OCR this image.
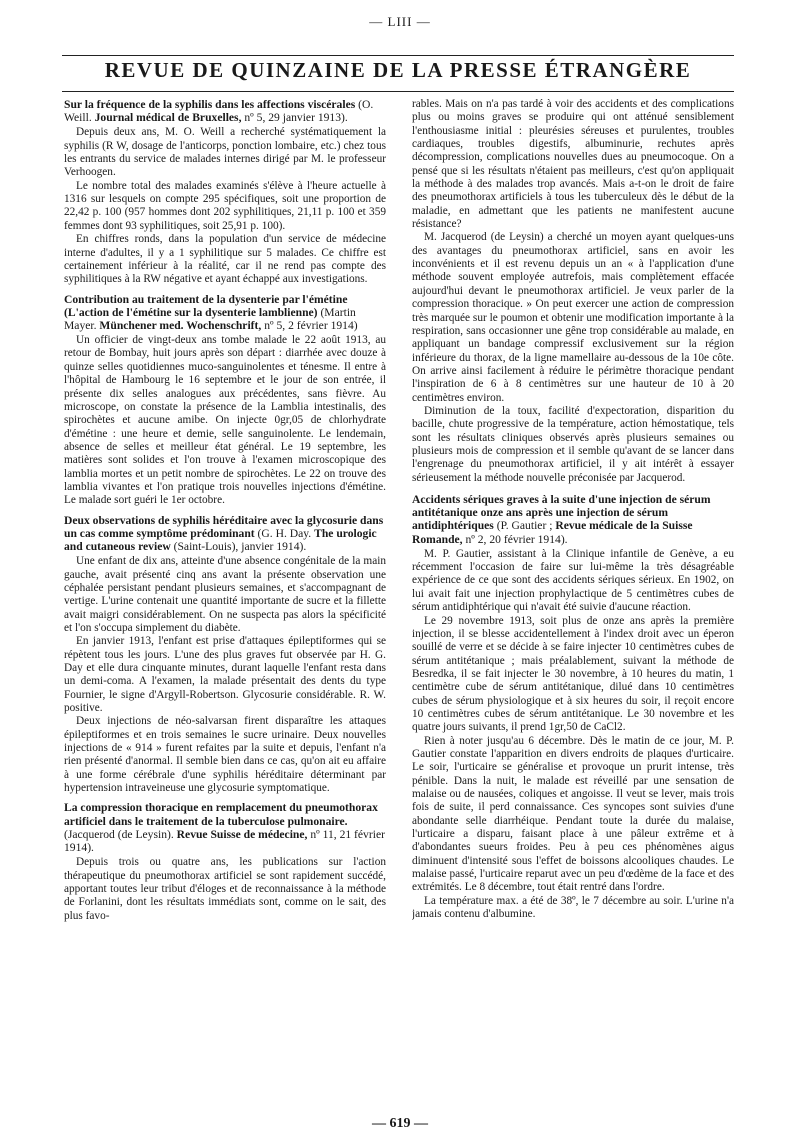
— LIII —
REVUE DE QUINZAINE DE LA PRESSE ÉTRANGÈRE
Sur la fréquence de la syphilis dans les affections viscérales (O. Weill. Journal médical de Bruxelles, nº 5, 29 janvier 1913).

Depuis deux ans, M. O. Weill a recherché systématiquement la syphilis (R W, dosage de l'anticorps, ponction lombaire, etc.) chez tous les entrants du service de malades internes dirigé par M. le professeur Verhoogen.

Le nombre total des malades examinés s'élève à l'heure actuelle à 1316 sur lesquels on compte 295 spécifiques, soit une proportion de 22,42 p. 100 (957 hommes dont 202 syphilitiques, 21,11 p. 100 et 359 femmes dont 93 syphilitiques, soit 25,91 p. 100).

En chiffres ronds, dans la population d'un service de médecine interne d'adultes, il y a 1 syphilitique sur 5 malades. Ce chiffre est certainement inférieur à la réalité, car il ne rend pas compte des syphilitiques à la RW négative et ayant échappé aux investigations.

Contribution au traitement de la dysenterie par l'émétine (L'action de l'émétine sur la dysenterie lamblienne) (Martin Mayer. Münchener med. Wochenschrift, nº 5, 2 février 1914)

Un officier de vingt-deux ans tombe malade le 22 août 1913, au retour de Bombay, huit jours après son départ : diarrhée avec douze à quinze selles quotidiennes muco-sanguinolentes et ténesme. Il entre à l'hôpital de Hambourg le 16 septembre et le jour de son entrée, il présente dix selles analogues aux précédentes, sans fièvre. Au microscope, on constate la présence de la Lamblia intestinalis, des spirochètes et aucune amibe. On injecte 0gr,05 de chlorhydrate d'émétine : une heure et demie, selle sanguinolente. Le lendemain, absence de selles et meilleur état général. Le 19 septembre, les matières sont solides et l'on trouve à l'examen microscopique des lamblia mortes et un petit nombre de spirochètes. Le 22 on trouve des lamblia vivantes et l'on pratique trois nouvelles injections d'émétine. Le malade sort guéri le 1er octobre.

Deux observations de syphilis héréditaire avec la glycosurie dans un cas comme symptôme prédominant (G. H. Day. The urologic and cutaneous review (Saint-Louis), janvier 1914).

Une enfant de dix ans, atteinte d'une absence congénitale de la main gauche, avait présenté cinq ans avant la présente observation une céphalée persistant pendant plusieurs semaines, et s'accompagnant de vertige. L'urine contenait une quantité importante de sucre et la fillette avait maigri considérablement. On ne suspecta pas alors la spécificité et l'on s'occupa simplement du diabète.

En janvier 1913, l'enfant est prise d'attaques épileptiformes qui se répètent tous les jours. L'une des plus graves fut observée par H. G. Day et elle dura cinquante minutes, durant laquelle l'enfant resta dans un demi-coma. A l'examen, la malade présentait des dents du type Fournier, le signe d'Argyll-Robertson. Glycosurie considérable. R. W. positive.

Deux injections de néo-salvarsan firent disparaître les attaques épileptiformes et en trois semaines le sucre urinaire. Deux nouvelles injections de « 914 » furent refaites par la suite et depuis, l'enfant n'a rien présenté d'anormal. Il semble bien dans ce cas, qu'on ait eu affaire à une forme cérébrale d'une syphilis héréditaire déterminant par hypertension intraveineuse une glycosurie symptomatique.

La compression thoracique en remplacement du pneumothorax artificiel dans le traitement de la tuberculose pulmonaire. (Jacquerod (de Leysin). Revue Suisse de médecine, nº 11, 21 février 1914).

Depuis trois ou quatre ans, les publications sur l'action thérapeutique du pneumothorax artificiel se sont rapidement succédé, apportant toutes leur tribut d'éloges et de reconnaissance à la méthode de Forlanini, dont les résultats immédiats sont, comme on le sait, des plus favo-

rables. Mais on n'a pas tardé à voir des accidents et des complications plus ou moins graves se produire qui ont atténué sensiblement l'enthousiasme initial : pleurésies séreuses et purulentes, troubles cardiaques, troubles digestifs, albuminurie, rechutes après décompression, complications nouvelles dues au pneumocoque. On a pensé que si les résultats n'étaient pas meilleurs, c'est qu'on appliquait la méthode à des malades trop avancés. Mais a-t-on le droit de faire des pneumothorax artificiels à tous les tuberculeux dès le début de la maladie, en admettant que les patients ne manifestent aucune résistance?

M. Jacquerod (de Leysin) a cherché un moyen ayant quelques-uns des avantages du pneumothorax artificiel, sans en avoir les inconvénients et il est revenu depuis un an « à l'application d'une méthode souvent employée autrefois, mais complètement effacée aujourd'hui devant le pneumothorax artificiel. Je veux parler de la compression thoracique. » On peut exercer une action de compression très marquée sur le poumon et obtenir une modification importante à la respiration, sans occasionner une gêne trop considérable au malade, en appliquant un bandage compressif exclusivement sur la région inférieure du thorax, de la ligne mamellaire au-dessous de la 10e côte. On arrive ainsi facilement à réduire le périmètre thoracique pendant l'inspiration de 6 à 8 centimètres sur une hauteur de 10 à 20 centimètres environ.

Diminution de la toux, facilité d'expectoration, disparition du bacille, chute progressive de la température, action hémostatique, tels sont les résultats cliniques observés après plusieurs semaines ou plusieurs mois de compression et il semble qu'avant de se lancer dans l'engrenage du pneumothorax artificiel, il y ait intérêt à essayer sérieusement la méthode nouvelle préconisée par Jacquerod.

Accidents sériques graves à la suite d'une injection de sérum antitétanique onze ans après une injection de sérum antidiphtériques (P. Gautier ; Revue médicale de la Suisse Romande, nº 2, 20 février 1914).

M. P. Gautier, assistant à la Clinique infantile de Genève, a eu récemment l'occasion de faire sur lui-même la très désagréable expérience de ce que sont des accidents sériques sérieux. En 1902, on lui avait fait une injection prophylactique de 5 centimètres cubes de sérum antidiphtérique qui n'avait été suivie d'aucune réaction.

Le 29 novembre 1913, soit plus de onze ans après la première injection, il se blesse accidentellement à l'index droit avec un éperon souillé de verre et se décide à se faire injecter 10 centimètres cubes de sérum antitétanique ; mais préalablement, suivant la méthode de Besredka, il se fait injecter le 30 novembre, à 10 heures du matin, 1 centimètre cube de sérum antitétanique, dilué dans 10 centimètres cubes de sérum physiologique et à six heures du soir, il reçoit encore 10 centimètres cubes de sérum antitétanique. Le 30 novembre et les quatre jours suivants, il prend 1gr,50 de CaCl2.

Rien à noter jusqu'au 6 décembre. Dès le matin de ce jour, M. P. Gautier constate l'apparition en divers endroits de plaques d'urticaire. Le soir, l'urticaire se généralise et provoque un prurit intense, très pénible. Dans la nuit, le malade est réveillé par une sensation de malaise ou de nausées, coliques et angoisse. Il veut se lever, mais trois fois de suite, il perd connaissance. Ces syncopes sont suivies d'une abondante selle diarrhéique. Pendant toute la durée du malaise, l'urticaire a disparu, faisant place à une pâleur extrême et à d'abondantes sueurs froides. Peu à peu ces phénomènes aigus diminuent d'intensité sous l'effet de boissons alcooliques chaudes. Le malaise passé, l'urticaire reparut avec un peu d'œdème de la face et des extrémités. Le 8 décembre, tout était rentré dans l'ordre.

La température max. a été de 38º, le 7 décembre au soir. L'urine n'a jamais contenu d'albumine.

— 619 —
